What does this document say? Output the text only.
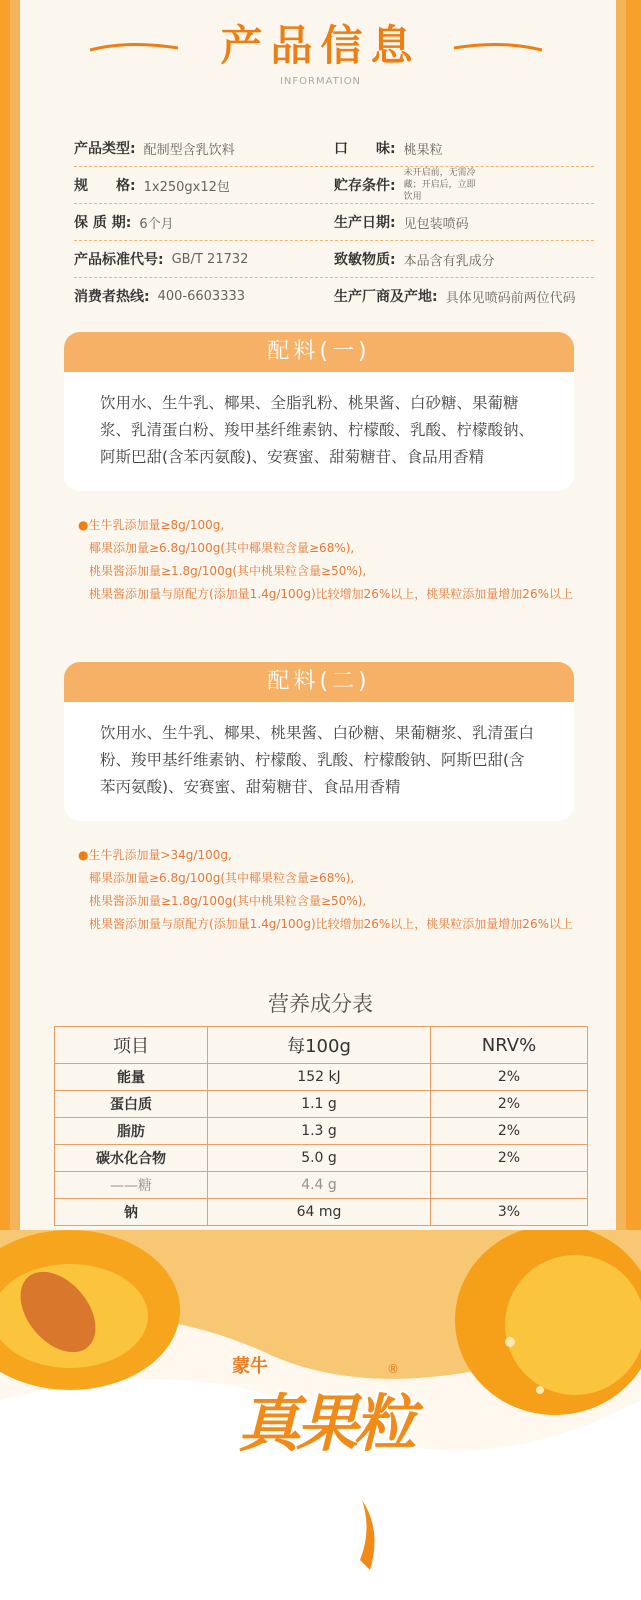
产品信息
INFORMATION
产品类型: 配制型含乳饮料	口　　味: 桃果粒
规　　格: 1x250gx12包	贮存条件:
未开启前，无需冷藏；开启后，立即饮用
保 质 期: 6个月	生产日期: 见包装喷码
产品标准代号: GB/T 21732	致敏物质: 本品含有乳成分
消费者热线: 400-6603333	生产厂商及产地: 具体见喷码前两位代码
配料(一)
饮用水、生牛乳、椰果、全脂乳粉、桃果酱、白砂糖、果葡糖浆、乳清蛋白粉、羧甲基纤维素钠、柠檬酸、乳酸、柠檬酸钠、阿斯巴甜(含苯丙氨酸)、安赛蜜、甜菊糖苷、食品用香精
●生牛乳添加量≥8g/100g,
椰果添加量≥6.8g/100g(其中椰果粒含量≥68%),
桃果酱添加量≥1.8g/100g(其中桃果粒含量≥50%),
桃果酱添加量与原配方(添加量1.4g/100g)比较增加26%以上，桃果粒添加量增加26%以上
配料(二)
饮用水、生牛乳、椰果、桃果酱、白砂糖、果葡糖浆、乳清蛋白粉、羧甲基纤维素钠、柠檬酸、乳酸、柠檬酸钠、阿斯巴甜(含苯丙氨酸)、安赛蜜、甜菊糖苷、食品用香精
●生牛乳添加量>34g/100g,
椰果添加量≥6.8g/100g(其中椰果粒含量≥68%),
桃果酱添加量≥1.8g/100g(其中桃果粒含量≥50%),
桃果酱添加量与原配方(添加量1.4g/100g)比较增加26%以上，桃果粒添加量增加26%以上
营养成分表
项目	每100g	NRV%
能量	152 kJ	2%
蛋白质	1.1 g	2%
脂肪	1.3 g	2%
碳水化合物	5.0 g	2%
——糖	4.4 g	
钠	64 mg	3%
蒙牛
真果粒
®
